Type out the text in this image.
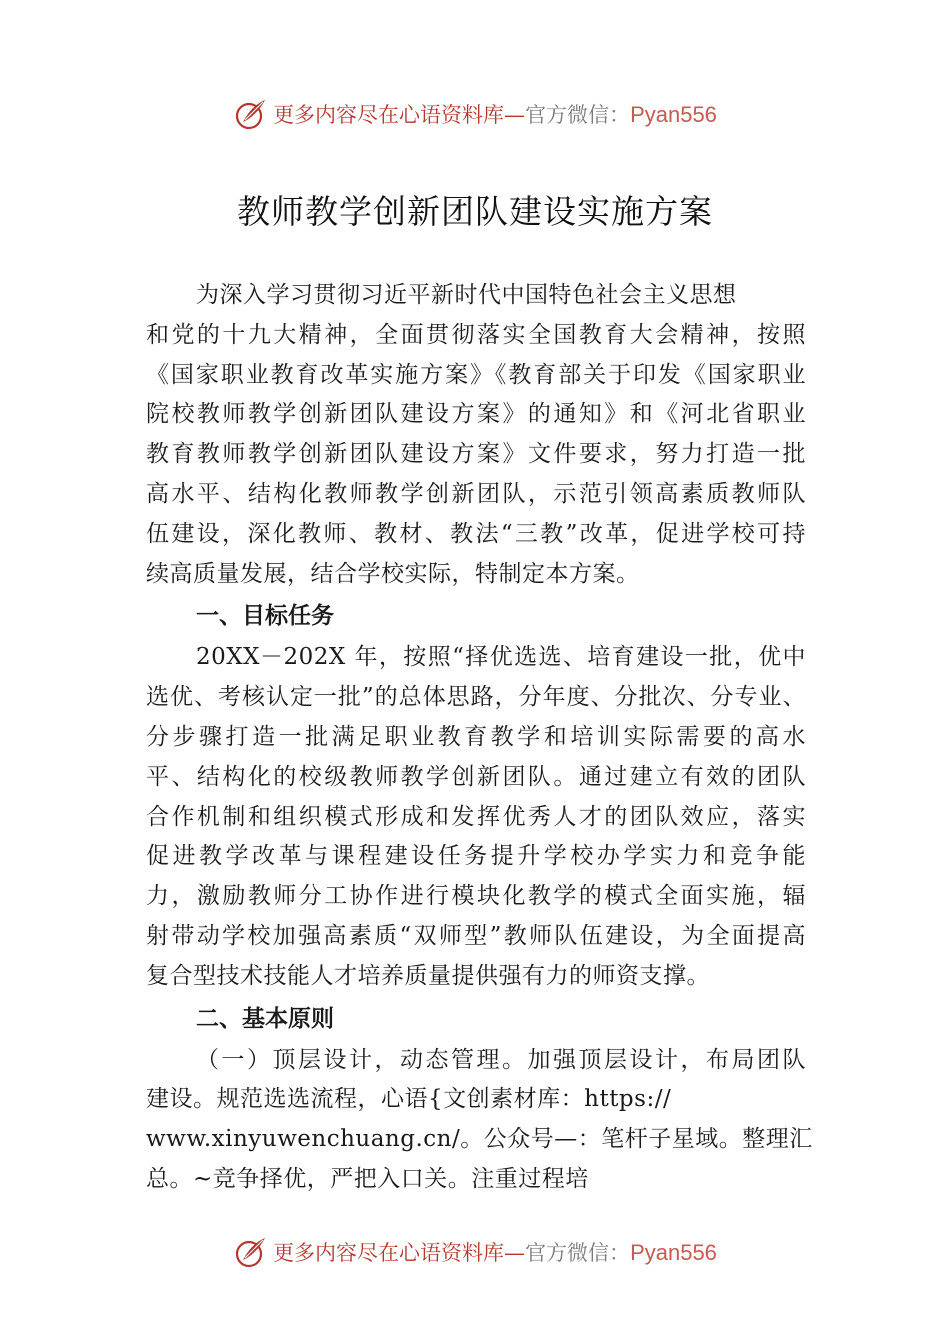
更多内容尽在心语资料库—官方微信：Pyan556
教师教学创新团队建设实施方案
为深入学习贯彻习近平新时代中国特色社会主义思想
和党的十九大精神，全面贯彻落实全国教育大会精神，按照
《国家职业教育改革实施方案》《教育部关于印发《国家职业
院校教师教学创新团队建设方案》的通知》和《河北省职业
教育教师教学创新团队建设方案》文件要求，努力打造一批
高水平、结构化教师教学创新团队，示范引领高素质教师队
伍建设，深化教师、教材、教法“三教”改革，促进学校可持
续高质量发展，结合学校实际，特制定本方案。
一、目标任务
20XX－202X 年，按照“择优选选、培育建设一批，优中
选优、考核认定一批”的总体思路，分年度、分批次、分专业、
分步骤打造一批满足职业教育教学和培训实际需要的高水
平、结构化的校级教师教学创新团队。通过建立有效的团队
合作机制和组织模式形成和发挥优秀人才的团队效应，落实
促进教学改革与课程建设任务提升学校办学实力和竞争能
力，激励教师分工协作进行模块化教学的模式全面实施，辐
射带动学校加强高素质“双师型”教师队伍建设，为全面提高
复合型技术技能人才培养质量提供强有力的师资支撑。
二、基本原则
（一）顶层设计，动态管理。加强顶层设计，布局团队
建设。规范选选流程，心语{文创素材库：https://
www.xinyuwenchuang.cn/。公众号—：笔杆子星域。整理汇
总。~竞争择优，严把入口关。注重过程培
更多内容尽在心语资料库—官方微信：Pyan556
